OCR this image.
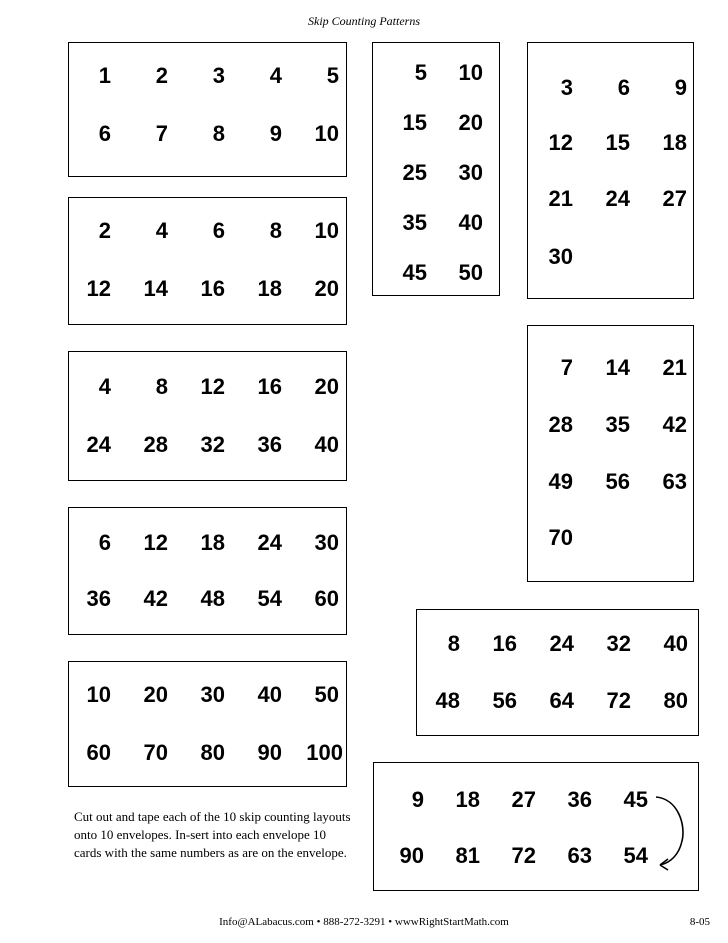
Skip Counting Patterns
1	2	3	4	5
6	7	8	9	10
2	4	6	8	10
12	14	16	18	20
4	8	12	16	20
24	28	32	36	40
6	12	18	24	30
36	42	48	54	60
10	20	30	40	50
60	70	80	90	100
5	10
15	20
25	30
35	40
45	50
3	6	9
12	15	18
21	24	27
30
7	14	21
28	35	42
49	56	63
70
8	16	24	32	40
48	56	64	72	80
9	18	27	36	45
90	81	72	63	54
Cut out and tape each of the 10 skip counting layouts onto 10 envelopes. In-sert into each envelope 10 cards with the same numbers as are on the envelope.
Info@ALabacus.com • 888-272-3291 • wwwRightStartMath.com	8-05
